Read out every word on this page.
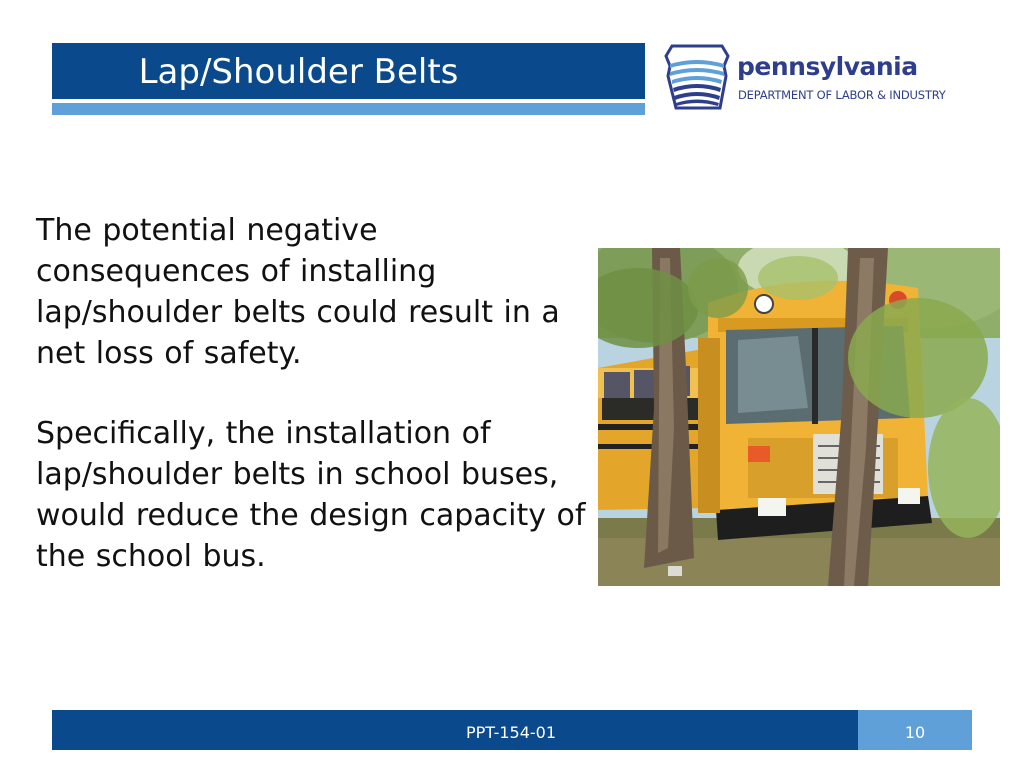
Lap/Shoulder Belts	pennsylvania
DEPARTMENT OF LABOR & INDUSTRY

The potential negative consequences of installing lap/shoulder belts could result in a net loss of safety.

Specifically, the installation of lap/shoulder belts in school buses, would reduce the design capacity of the school bus.

PPT-154-01	10
